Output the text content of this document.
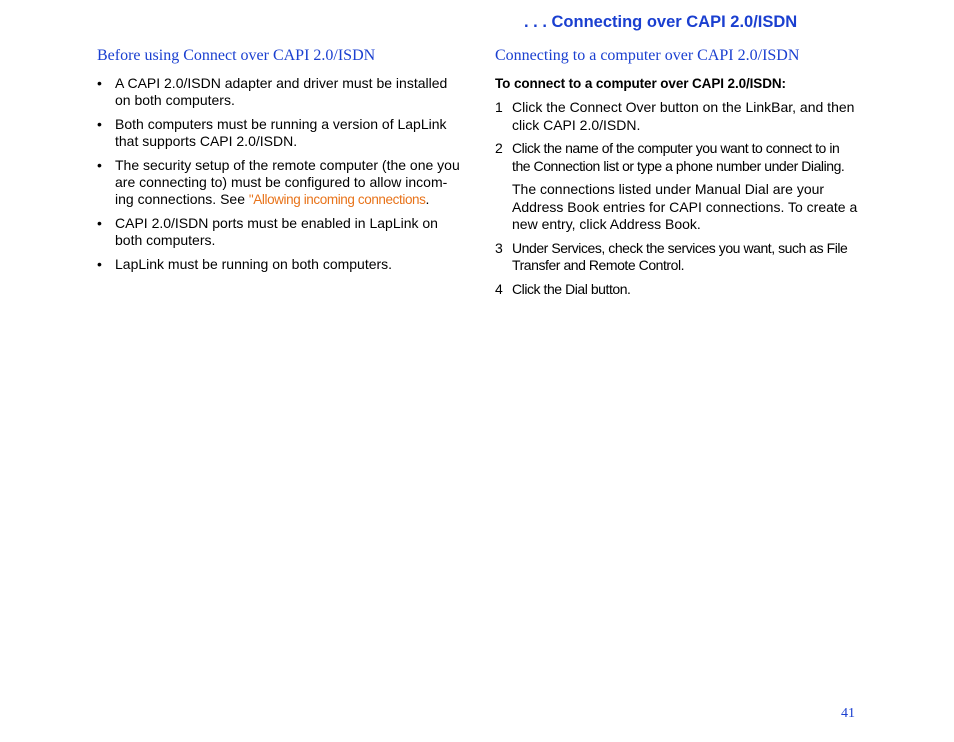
. . . Connecting over CAPI 2.0/ISDN
Before using Connect over CAPI 2.0/ISDN
• A CAPI 2.0/ISDN adapter and driver must be installed on both computers.
• Both computers must be running a version of LapLink that supports CAPI 2.0/ISDN.
• The security setup of the remote computer (the one you are connecting to) must be configured to allow incom-ing connections. See "Allowing incoming connections.
• CAPI 2.0/ISDN ports must be enabled in LapLink on both computers.
• LapLink must be running on both computers.
Connecting to a computer over CAPI 2.0/ISDN
To connect to a computer over CAPI 2.0/ISDN:
1 Click the Connect Over button on the LinkBar, and then click CAPI 2.0/ISDN.
2 Click the name of the computer you want to connect to in the Connection list or type a phone number under Dialing.
The connections listed under Manual Dial are your Address Book entries for CAPI connections. To create a new entry, click Address Book.
3 Under Services, check the services you want, such as File Transfer and Remote Control.
4 Click the Dial button.
41
